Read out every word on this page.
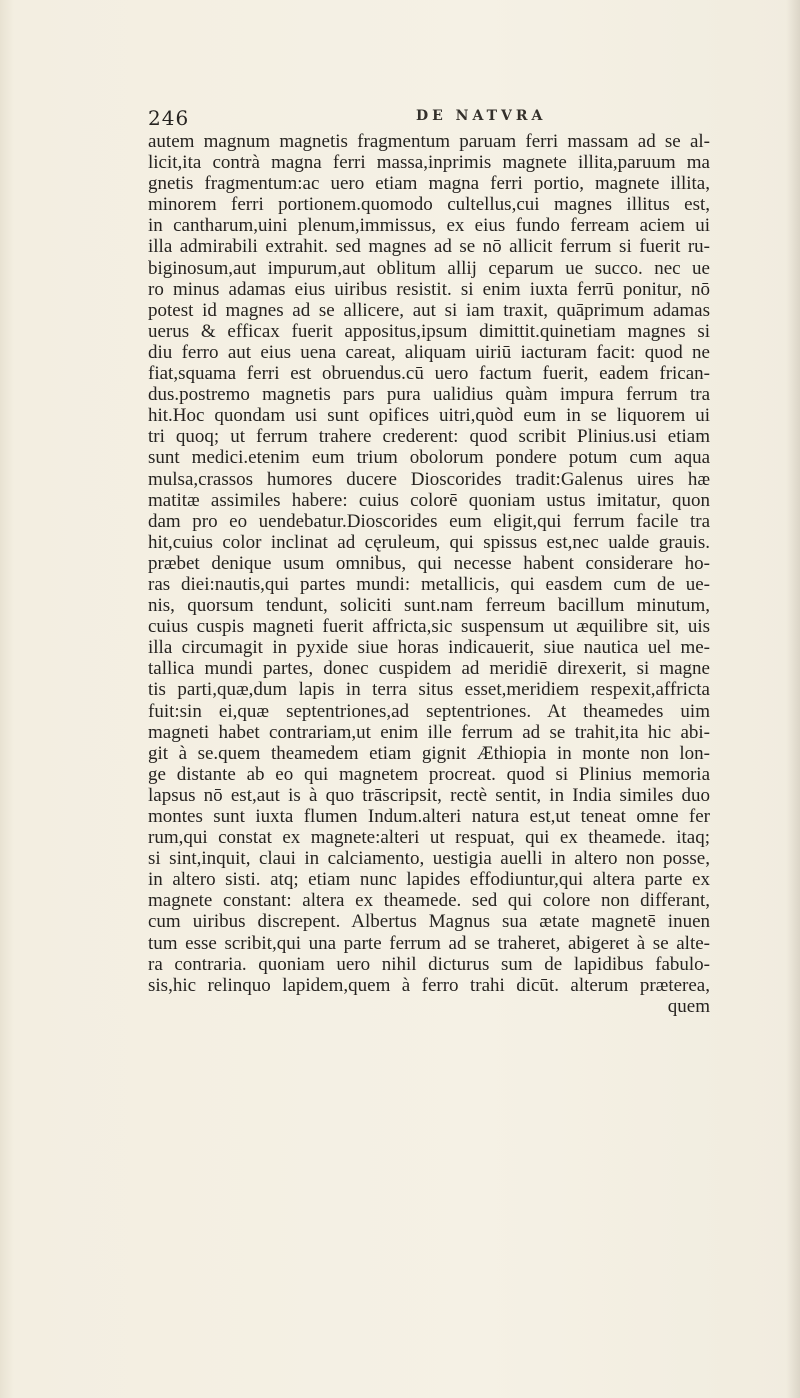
246	DE NATVRA
autem magnum magnetis fragmentum paruam ferri massam ad se al-
licit,ita contrà magna ferri massa,inprimis magnete illita,paruum ma
gnetis fragmentum:ac uero etiam magna ferri portio, magnete illita,
minorem ferri portionem.quomodo cultellus,cui magnes illitus est,
in cantharum,uini plenum,immissus, ex eius fundo ferream aciem ui
illa admirabili extrahit. sed magnes ad se nō allicit ferrum si fuerit ru-
biginosum,aut impurum,aut oblitum allij ceparum ue succo. nec ue
ro minus adamas eius uiribus resistit. si enim iuxta ferrū ponitur, nō
potest id magnes ad se allicere, aut si iam traxit, quāprimum adamas
uerus & efficax fuerit appositus,ipsum dimittit.quinetiam magnes si
diu ferro aut eius uena careat, aliquam uiriū iacturam facit: quod ne
fiat,squama ferri est obruendus.cū uero factum fuerit, eadem frican-
dus.postremo magnetis pars pura ualidius quàm impura ferrum tra
hit.Hoc quondam usi sunt opifices uitri,quòd eum in se liquorem ui
tri quoq; ut ferrum trahere crederent: quod scribit Plinius.usi etiam
sunt medici.etenim eum trium obolorum pondere potum cum aqua
mulsa,crassos humores ducere Dioscorides tradit:Galenus uires hæ
matitæ assimiles habere: cuius colorē quoniam ustus imitatur, quon
dam pro eo uendebatur.Dioscorides eum eligit,qui ferrum facile tra
hit,cuius color inclinat ad cęruleum, qui spissus est,nec ualde grauis.
præbet denique usum omnibus, qui necesse habent considerare ho-
ras diei:nautis,qui partes mundi: metallicis, qui easdem cum de ue-
nis, quorsum tendunt, soliciti sunt.nam ferreum bacillum minutum,
cuius cuspis magneti fuerit affricta,sic suspensum ut æquilibre sit, uis
illa circumagit in pyxide siue horas indicauerit, siue nautica uel me-
tallica mundi partes, donec cuspidem ad meridiē direxerit, si magne
tis parti,quæ,dum lapis in terra situs esset,meridiem respexit,affricta
fuit:sin ei,quæ septentriones,ad septentriones. At theamedes uim
magneti habet contrariam,ut enim ille ferrum ad se trahit,ita hic abi-
git à se.quem theamedem etiam gignit Æthiopia in monte non lon-
ge distante ab eo qui magnetem procreat. quod si Plinius memoria
lapsus nō est,aut is à quo trāscripsit, rectè sentit, in India similes duo
montes sunt iuxta flumen Indum.alteri natura est,ut teneat omne fer
rum,qui constat ex magnete:alteri ut respuat, qui ex theamede. itaq;
si sint,inquit, claui in calciamento, uestigia auelli in altero non posse,
in altero sisti. atq; etiam nunc lapides effodiuntur,qui altera parte ex
magnete constant: altera ex theamede. sed qui colore non differant,
cum uiribus discrepent. Albertus Magnus sua ætate magnetē inuen
tum esse scribit,qui una parte ferrum ad se traheret, abigeret à se alte-
ra contraria. quoniam uero nihil dicturus sum de lapidibus fabulo-
sis,hic relinquo lapidem,quem à ferro trahi dicūt. alterum præterea,
quem
